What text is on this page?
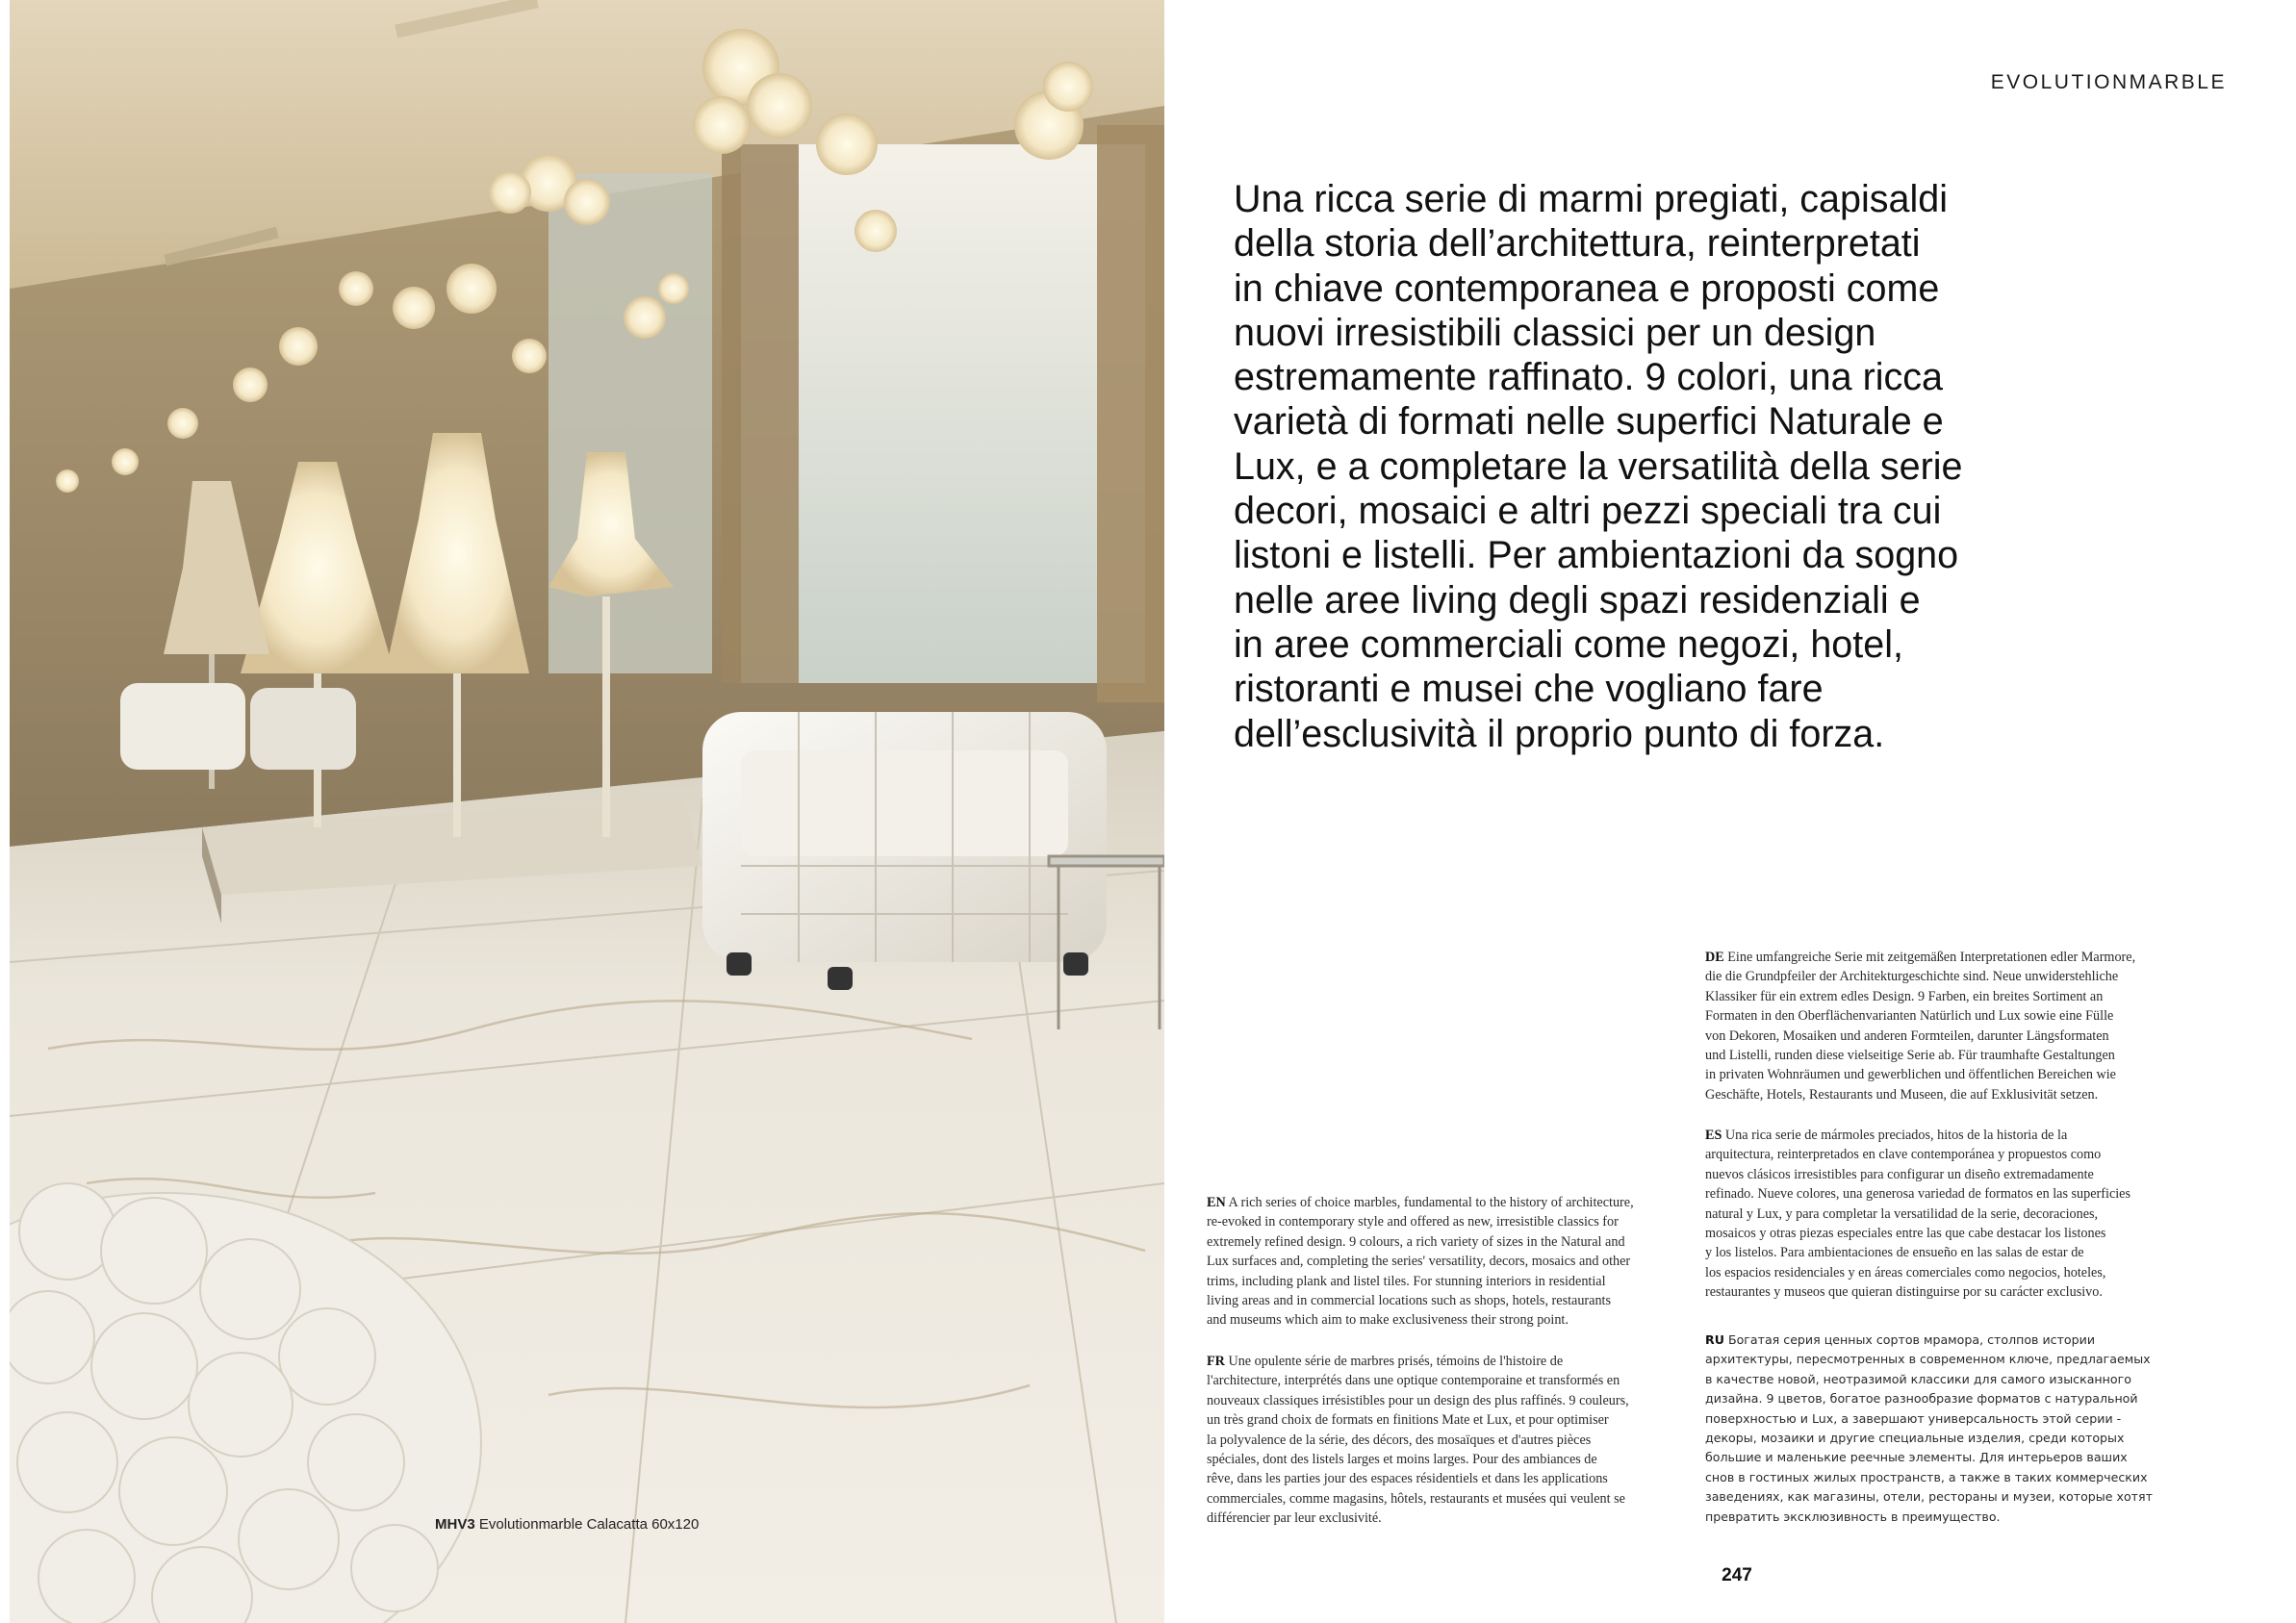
MHV3 Evolutionmarble Calacatta 60x120
EVOLUTIONMARBLE
Una ricca serie di marmi pregiati, capisaldi
della storia dell’architettura, reinterpretati
in chiave contemporanea e proposti come
nuovi irresistibili classici per un design
estremamente raffinato. 9 colori, una ricca
varietà di formati nelle superfici Naturale e
Lux, e a completare la versatilità della serie
decori, mosaici e altri pezzi speciali tra cui
listoni e listelli. Per ambientazioni da sogno
nelle aree living degli spazi residenziali e
in aree commerciali come negozi, hotel,
ristoranti e musei che vogliano fare
dell’esclusività il proprio punto di forza.
DE Eine umfangreiche Serie mit zeitgemäßen Interpretationen edler Marmore,
die die Grundpfeiler der Architekturgeschichte sind. Neue unwiderstehliche
Klassiker für ein extrem edles Design. 9 Farben, ein breites Sortiment an
Formaten in den Oberflächenvarianten Natürlich und Lux sowie eine Fülle
von Dekoren, Mosaiken und anderen Formteilen, darunter Längsformaten
und Listelli, runden diese vielseitige Serie ab. Für traumhafte Gestaltungen
in privaten Wohnräumen und gewerblichen und öffentlichen Bereichen wie
Geschäfte, Hotels, Restaurants und Museen, die auf Exklusivität setzen.
ES Una rica serie de mármoles preciados, hitos de la historia de la
arquitectura, reinterpretados en clave contemporánea y propuestos como
nuevos clásicos irresistibles para configurar un diseño extremadamente
refinado. Nueve colores, una generosa variedad de formatos en las superficies
natural y Lux, y para completar la versatilidad de la serie, decoraciones,
mosaicos y otras piezas especiales entre las que cabe destacar los listones
y los listelos. Para ambientaciones de ensueño en las salas de estar de
los espacios residenciales y en áreas comerciales como negocios, hoteles,
restaurantes y museos que quieran distinguirse por su carácter exclusivo.
RU Богатая серия ценных сортов мрамора, столпов истории
архитектуры, пересмотренных в современном ключе, предлагаемых
в качестве новой, неотразимой классики для самого изысканного
дизайна. 9 цветов, богатое разнообразие форматов с натуральной
поверхностью и Lux, а завершают универсальность этой серии -
декоры, мозаики и другие специальные изделия, среди которых
большие и маленькие реечные элементы. Для интерьеров ваших
снов в гостиных жилых пространств, а также в таких коммерческих
заведениях, как магазины, отели, рестораны и музеи, которые хотят
превратить эксклюзивность в преимущество.
EN A rich series of choice marbles, fundamental to the history of architecture,
re-evoked in contemporary style and offered as new, irresistible classics for
extremely refined design. 9 colours, a rich variety of sizes in the Natural and
Lux surfaces and, completing the series' versatility, decors, mosaics and other
trims, including plank and listel tiles. For stunning interiors in residential
living areas and in commercial locations such as shops, hotels, restaurants
and museums which aim to make exclusiveness their strong point.
FR Une opulente série de marbres prisés, témoins de l'histoire de
l'architecture, interprétés dans une optique contemporaine et transformés en
nouveaux classiques irrésistibles pour un design des plus raffinés. 9 couleurs,
un très grand choix de formats en finitions Mate et Lux, et pour optimiser
la polyvalence de la série, des décors, des mosaïques et d'autres pièces
spéciales, dont des listels larges et moins larges. Pour des ambiances de
rêve, dans les parties jour des espaces résidentiels et dans les applications
commerciales, comme magasins, hôtels, restaurants et musées qui veulent se
différencier par leur exclusivité.
247
